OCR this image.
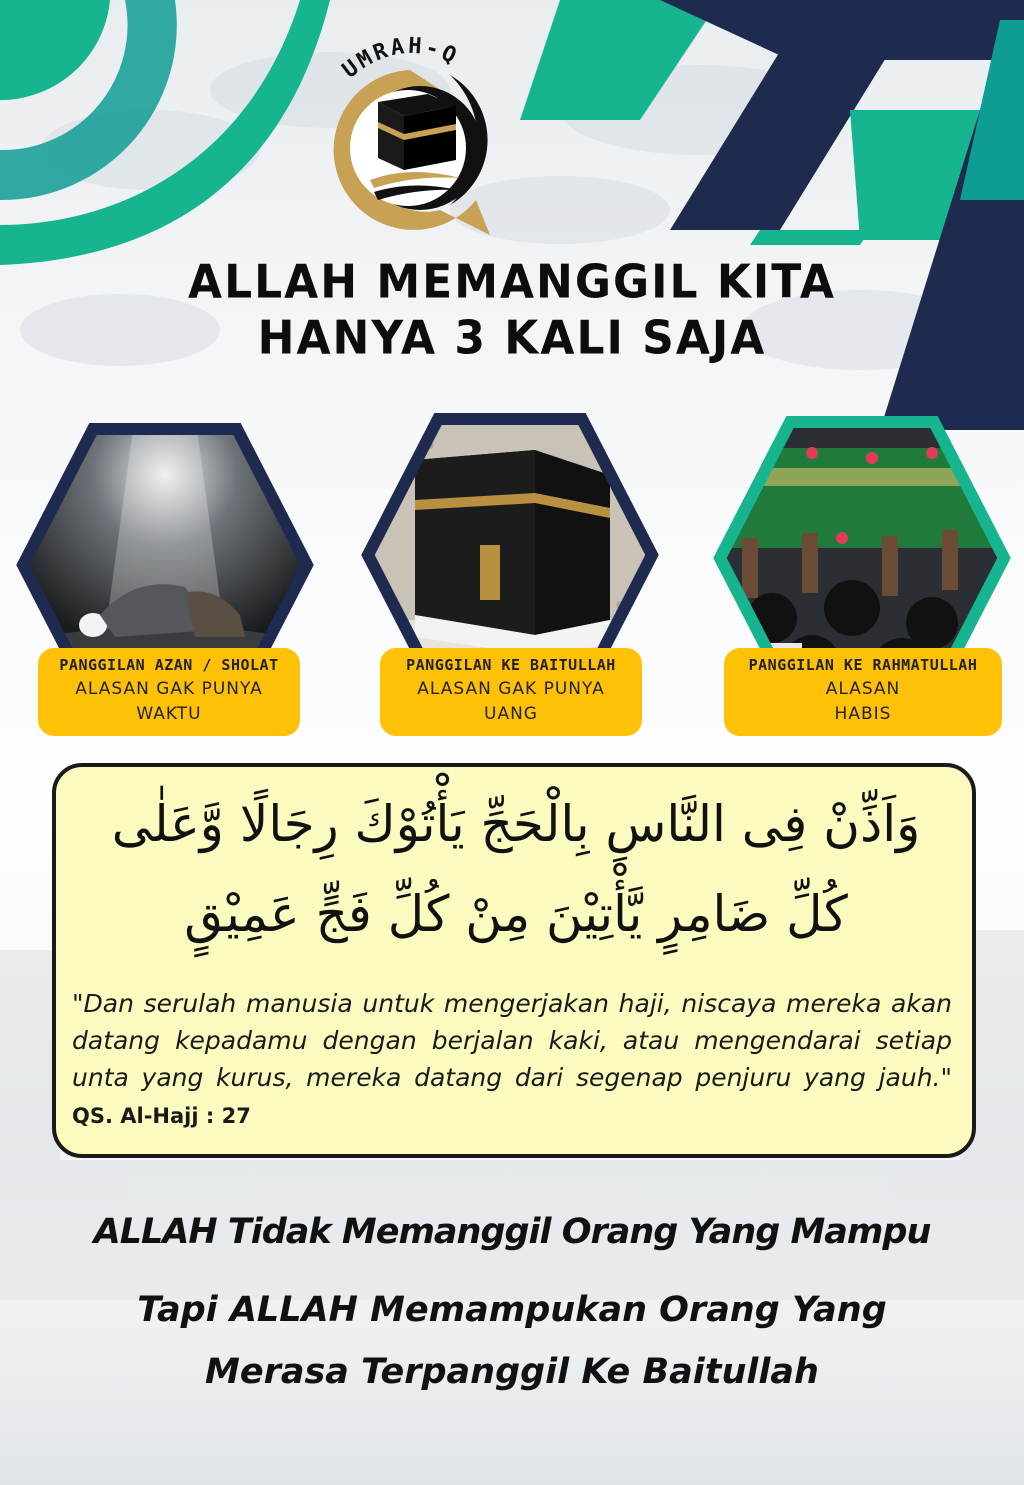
UMRAH-Q
ALLAH MEMANGGIL KITA
HANYA 3 KALI SAJA
PANGGILAN AZAN / SHOLAT
ALASAN GAK PUNYA
WAKTU
PANGGILAN KE BAITULLAH
ALASAN GAK PUNYA
UANG
PANGGILAN KE RAHMATULLAH
ALASAN
HABIS
وَاَذِّنْ فِى النَّاسِ بِالْحَجِّ يَأْتُوْكَ رِجَالًا وَّعَلٰى
كُلِّ ضَامِرٍ يَّأْتِيْنَ مِنْ كُلِّ فَجٍّ عَمِيْقٍ
"Dan serulah manusia untuk mengerjakan haji, niscaya mereka akan datang kepadamu dengan berjalan kaki, atau mengendarai setiap unta yang kurus, mereka datang dari segenap penjuru yang jauh." QS. Al-Hajj : 27
ALLAH Tidak Memanggil Orang Yang Mampu
Tapi ALLAH Memampukan Orang Yang
Merasa Terpanggil Ke Baitullah
